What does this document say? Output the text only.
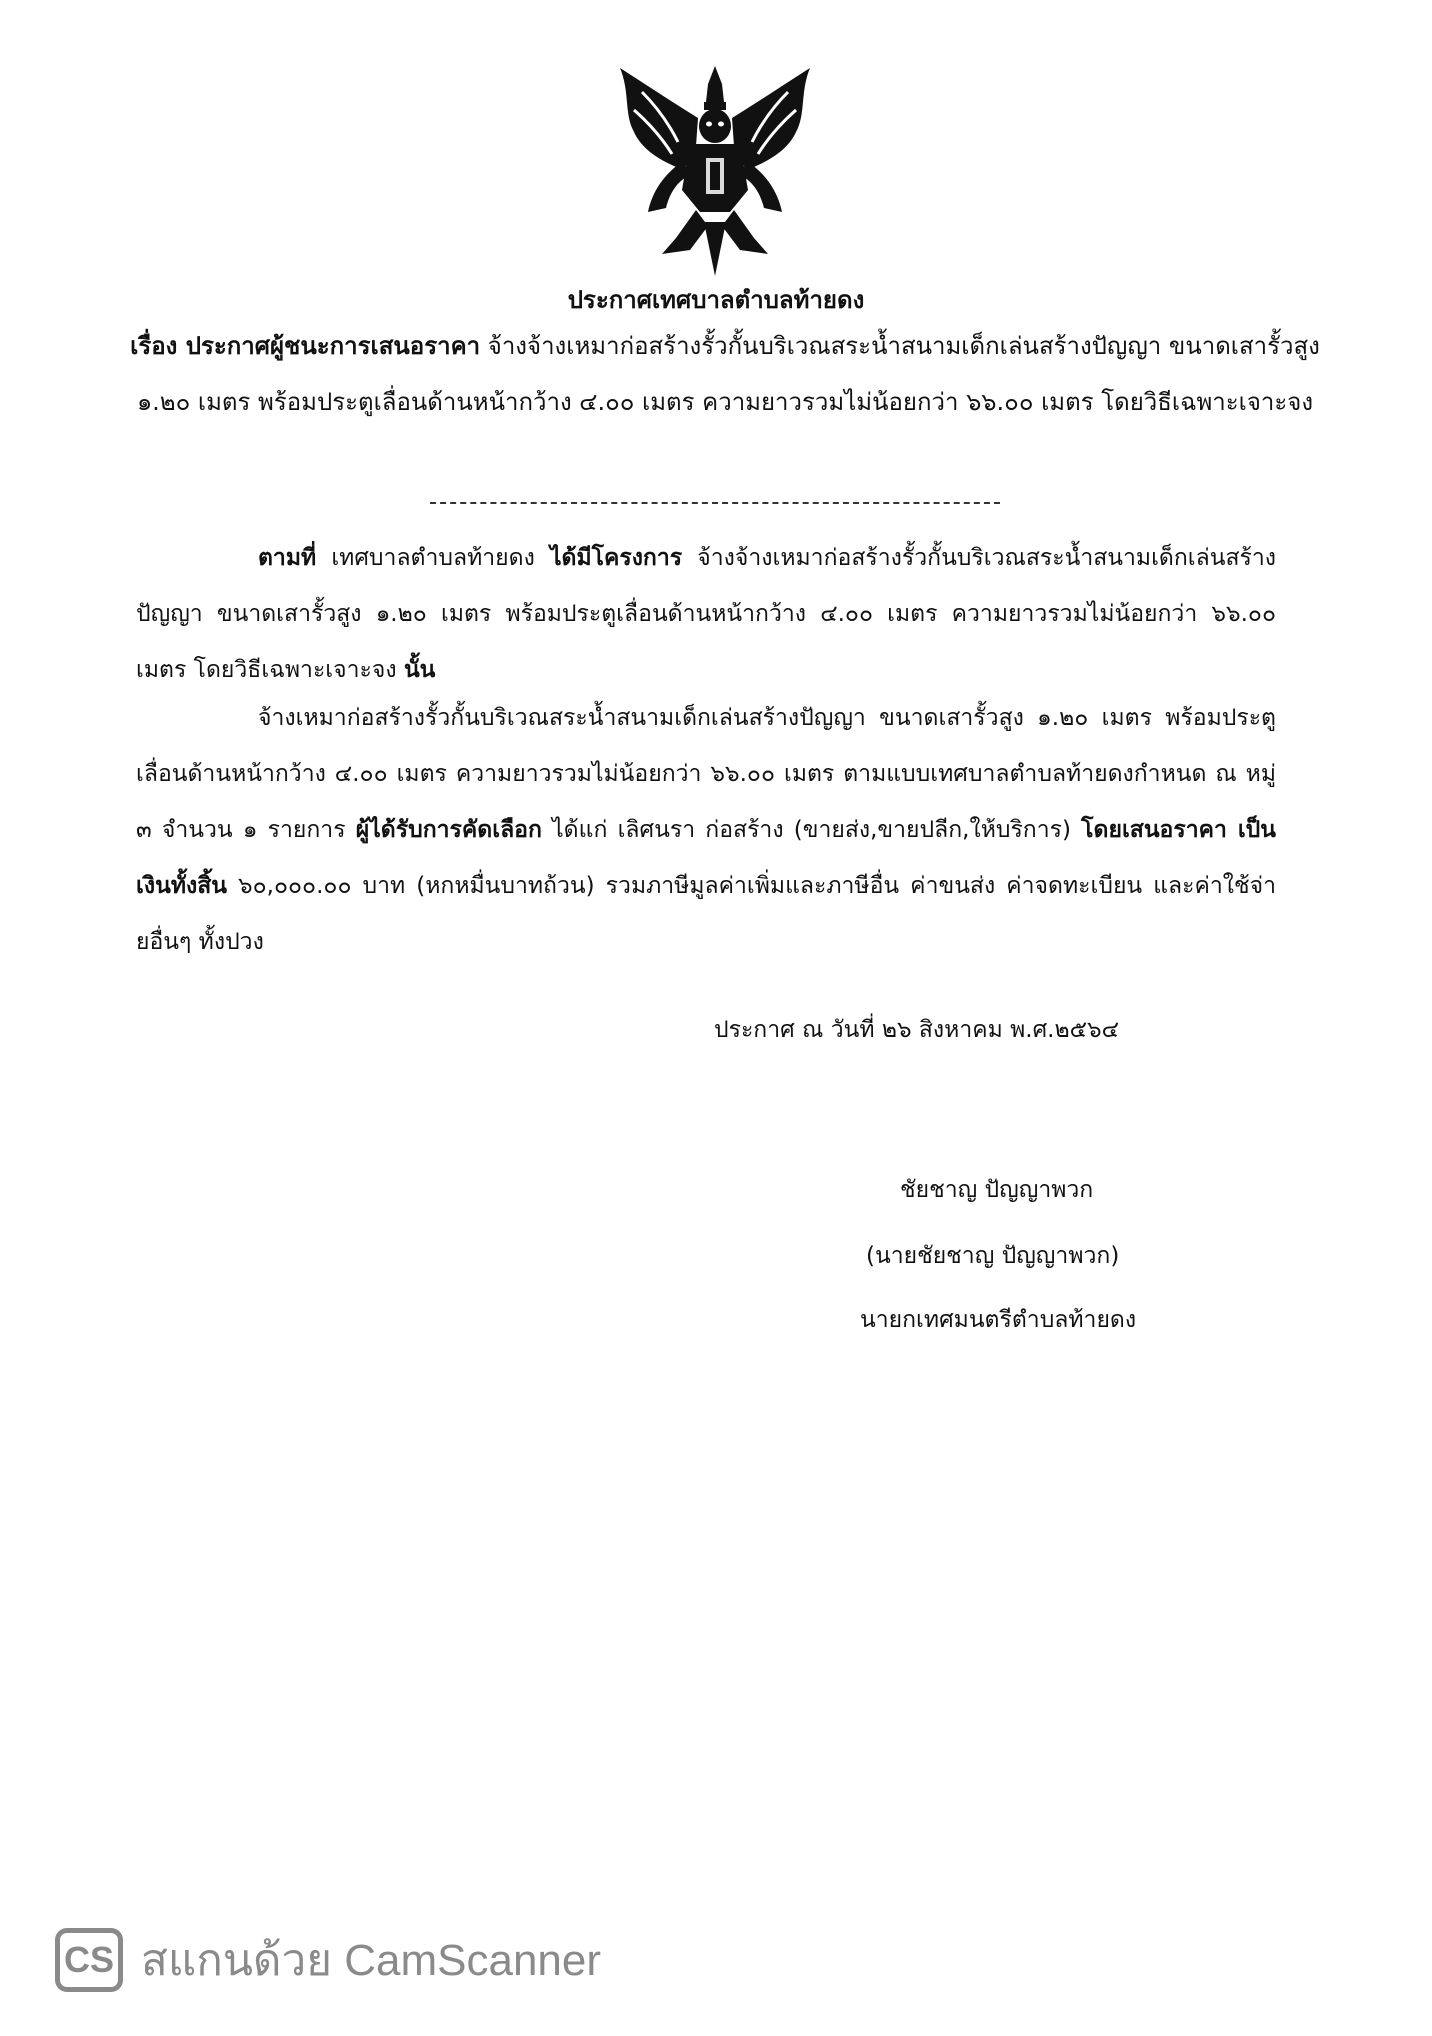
ประกาศเทศบาลตำบลท้ายดง
เรื่อง ประกาศผู้ชนะการเสนอราคา จ้างจ้างเหมาก่อสร้างรั้วกั้นบริเวณสระน้ำสนามเด็กเล่นสร้างปัญญา ขนาดเสารั้วสูง ๑.๒๐ เมตร พร้อมประตูเลื่อนด้านหน้ากว้าง ๔.๐๐ เมตร ความยาวรวมไม่น้อยกว่า ๖๖.๐๐ เมตร โดยวิธีเฉพาะเจาะจง
ตามที่ เทศบาลตำบลท้ายดง ได้มีโครงการ จ้างจ้างเหมาก่อสร้างรั้วกั้นบริเวณสระน้ำสนามเด็กเล่นสร้างปัญญา ขนาดเสารั้วสูง ๑.๒๐ เมตร พร้อมประตูเลื่อนด้านหน้ากว้าง ๔.๐๐ เมตร ความยาวรวมไม่น้อยกว่า ๖๖.๐๐ เมตร โดยวิธีเฉพาะเจาะจง นั้น
จ้างเหมาก่อสร้างรั้วกั้นบริเวณสระน้ำสนามเด็กเล่นสร้างปัญญา ขนาดเสารั้วสูง ๑.๒๐ เมตร พร้อมประตูเลื่อนด้านหน้ากว้าง ๔.๐๐ เมตร ความยาวรวมไม่น้อยกว่า ๖๖.๐๐ เมตร ตามแบบเทศบาลตำบลท้ายดงกำหนด ณ หมู่ ๓ จำนวน ๑ รายการ ผู้ได้รับการคัดเลือก ได้แก่ เลิศนรา ก่อสร้าง (ขายส่ง,ขายปลีก,ให้บริการ) โดยเสนอราคา เป็นเงินทั้งสิ้น ๖๐,๐๐๐.๐๐ บาท (หกหมื่นบาทถ้วน) รวมภาษีมูลค่าเพิ่มและภาษีอื่น ค่าขนส่ง ค่าจดทะเบียน และค่าใช้จ่ายอื่นๆ ทั้งปวง
ประกาศ ณ วันที่ ๒๖ สิงหาคม พ.ศ.๒๕๖๔
ชัยชาญ ปัญญาพวก
(นายชัยชาญ ปัญญาพวก)
นายกเทศมนตรีตำบลท้ายดง
CS สแกนด้วย CamScanner
